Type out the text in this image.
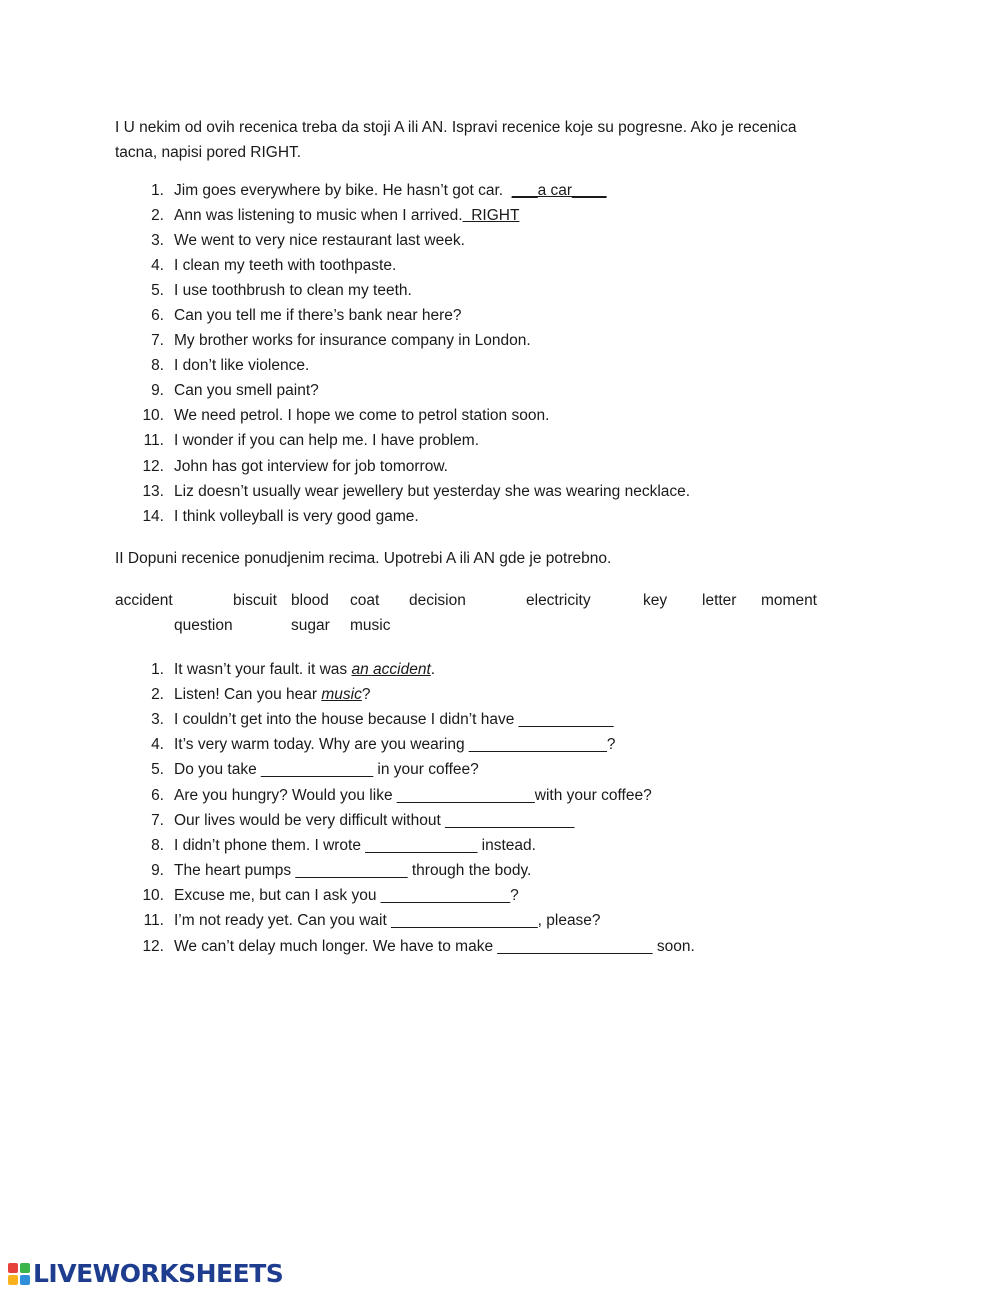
I U nekim od ovih recenica treba da stoji A ili AN. Ispravi recenice koje su pogresne. Ako je recenica
tacna, napisi pored RIGHT.

1. Jim goes everywhere by bike. He hasn’t got car. ___a car____
2. Ann was listening to music when I arrived. RIGHT
3. We went to very nice restaurant last week.
4. I clean my teeth with toothpaste.
5. I use toothbrush to clean my teeth.
6. Can you tell me if there’s bank near here?
7. My brother works for insurance company in London.
8. I don’t like violence.
9. Can you smell paint?
10. We need petrol. I hope we come to petrol station soon.
11. I wonder if you can help me. I have problem.
12. John has got interview for job tomorrow.
13. Liz doesn’t usually wear jewellery but yesterday she was wearing necklace.
14. I think volleyball is very good game.
II Dopuni recenice ponudjenim recima. Upotrebi A ili AN gde je potrebno.
accident	biscuit blood coat decision	electricity	key letter moment
question	sugar music
1. It wasn’t your fault. it was an accident .
2. Listen! Can you hear music ?
3. I couldn’t get into the house because I didn’t have ___________
4. It’s very warm today. Why are you wearing ________________?
5. Do you take _____________ in your coffee?
6. Are you hungry? Would you like ________________with your coffee?
7. Our lives would be very difficult without _______________
8. I didn’t phone them. I wrote _____________ instead.
9. The heart pumps _____________ through the body.
10. Excuse me, but can I ask you _______________?
11. I’m not ready yet. Can you wait _________________, please?
12. We can’t delay much longer. We have to make __________________ soon.
LIVEWORKSHEETS
